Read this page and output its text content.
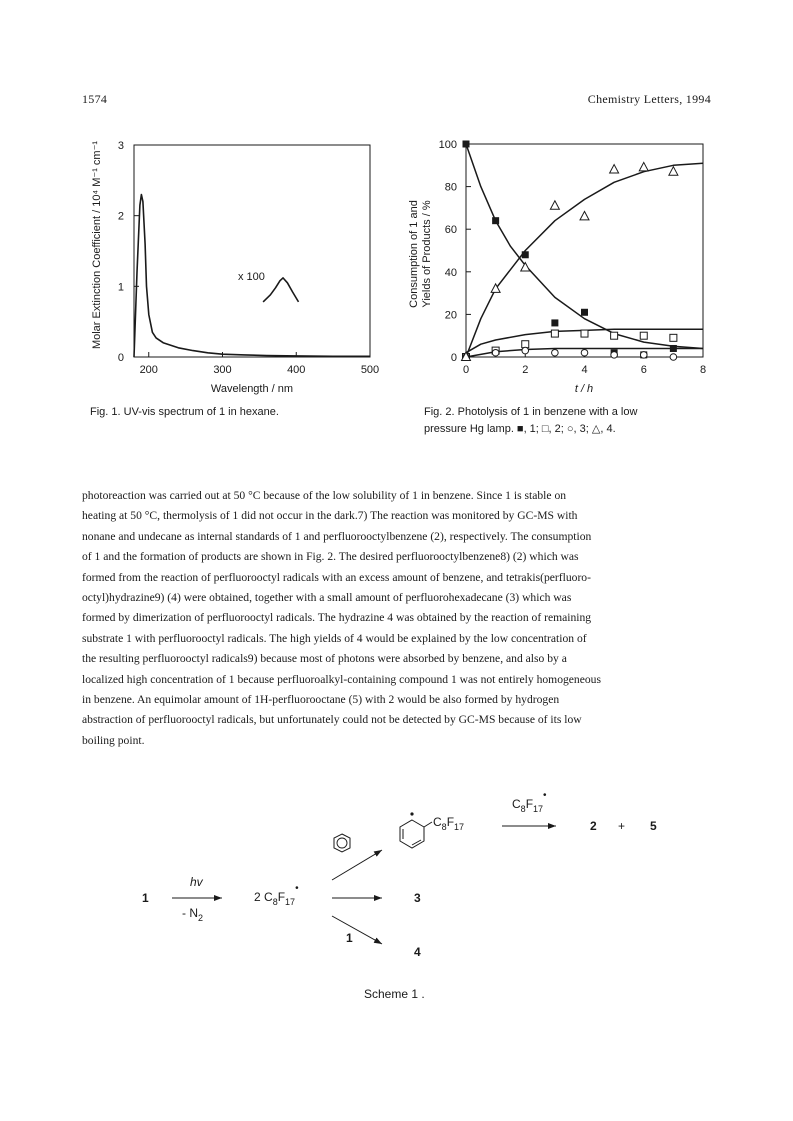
1574	Chemistry Letters, 1994
Molar Extinction Coefficient / 10⁴ M⁻¹ cm⁻¹
0
1
2
3
200	300	400	500
x 100
Wavelength / nm
Fig. 1. UV-vis spectrum of 1 in hexane.
Consumption of 1 and Yields of Products / %
0
20
40
60
80
100
0	2	4	6	8
t / h
Fig. 2. Photolysis of 1 in benzene with a low
pressure Hg lamp. ■, 1; □, 2; ○, 3; △, 4.

photoreaction was carried out at 50 °C because of the low solubility of 1 in benzene. Since 1 is stable on

heating at 50 °C, thermolysis of 1 did not occur in the dark.7) The reaction was monitored by GC-MS with

nonane and undecane as internal standards of 1 and perfluorooctylbenzene (2), respectively. The consumption

of 1 and the formation of products are shown in Fig. 2. The desired perfluorooctylbenzene8) (2) which was

formed from the reaction of perfluorooctyl radicals with an excess amount of benzene, and tetrakis(perfluoro-

octyl)hydrazine9) (4) were obtained, together with a small amount of perfluorohexadecane (3) which was

formed by dimerization of perfluorooctyl radicals. The hydrazine 4 was obtained by the reaction of remaining

substrate 1 with perfluorooctyl radicals. The high yields of 4 would be explained by the low concentration of

the resulting perfluorooctyl radicals9) because most of photons were absorbed by benzene, and also by a

localized high concentration of 1 because perfluoroalkyl-containing compound 1 was not entirely homogeneous

in benzene. An equimolar amount of 1H-perfluorooctane (5) with 2 would be also formed by hydrogen

abstraction of perfluorooctyl radicals, but unfortunately could not be detected by GC-MS because of its low

boiling point.

1
hv
- $N_2$
2 $C_8F_{17}^•$
1
$C_8F_{17}$
$C_8F_{17}^•$
2 + 5
3
4
Scheme 1 .
